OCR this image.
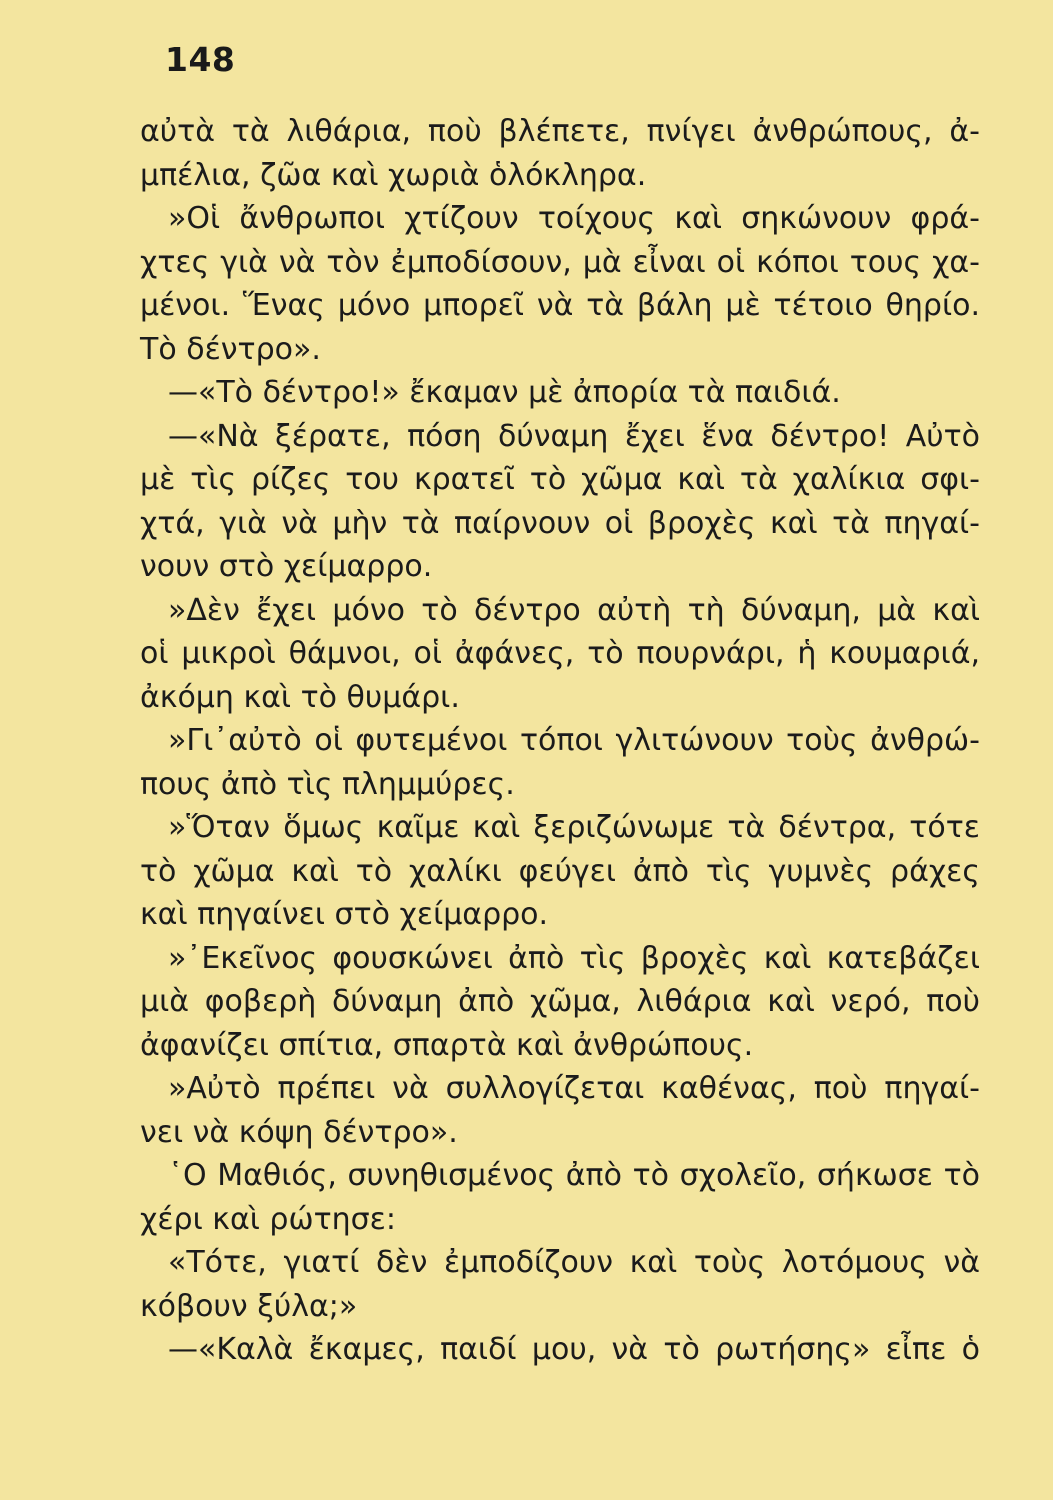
148
αὐτὰ τὰ λιθάρια, ποὺ βλέπετε, πνίγει ἀνθρώπους, ἀ-
μπέλια, ζῶα καὶ χωριὰ ὁλόκληρα.
»Οἱ ἄνθρωποι χτίζουν τοίχους καὶ σηκώνουν φρά-
χτες γιὰ νὰ τὸν ἐμποδίσουν, μὰ εἶναι οἱ κόποι τους χα-
μένοι. Ἕνας μόνο μπορεῖ νὰ τὰ βάλη μὲ τέτοιο θηρίο.
Τὸ δέντρο».
—«Τὸ δέντρο!» ἔκαμαν μὲ ἀπορία τὰ παιδιά.
—«Νὰ ξέρατε, πόση δύναμη ἔχει ἕνα δέντρο! Αὐτὸ
μὲ τὶς ρίζες του κρατεῖ τὸ χῶμα καὶ τὰ χαλίκια σφι-
χτά, γιὰ νὰ μὴν τὰ παίρνουν οἱ βροχὲς καὶ τὰ πηγαί-
νουν στὸ χείμαρρο.
»Δὲν ἔχει μόνο τὸ δέντρο αὐτὴ τὴ δύναμη, μὰ καὶ
οἱ μικροὶ θάμνοι, οἱ ἀφάνες, τὸ πουρνάρι, ἡ κουμαριά,
ἀκόμη καὶ τὸ θυμάρι.
»Γι᾿αὐτὸ οἱ φυτεμένοι τόποι γλιτώνουν τοὺς ἀνθρώ-
πους ἀπὸ τὶς πλημμύρες.
»Ὅταν ὅμως καῖμε καὶ ξεριζώνωμε τὰ δέντρα, τότε
τὸ χῶμα καὶ τὸ χαλίκι φεύγει ἀπὸ τὶς γυμνὲς ράχες
καὶ πηγαίνει στὸ χείμαρρο.
»᾿Εκεῖνος φουσκώνει ἀπὸ τὶς βροχὲς καὶ κατεβάζει
μιὰ φοβερὴ δύναμη ἀπὸ χῶμα, λιθάρια καὶ νερό, ποὺ
ἀφανίζει σπίτια, σπαρτὰ καὶ ἀνθρώπους.
»Αὐτὸ πρέπει νὰ συλλογίζεται καθένας, ποὺ πηγαί-
νει νὰ κόψη δέντρο».
῾Ο Μαθιός, συνηθισμένος ἀπὸ τὸ σχολεῖο, σήκωσε τὸ
χέρι καὶ ρώτησε:
«Τότε, γιατί δὲν ἐμποδίζουν καὶ τοὺς λοτόμους νὰ
κόβουν ξύλα;»
—«Καλὰ ἔκαμες, παιδί μου, νὰ τὸ ρωτήσης» εἶπε ὁ
